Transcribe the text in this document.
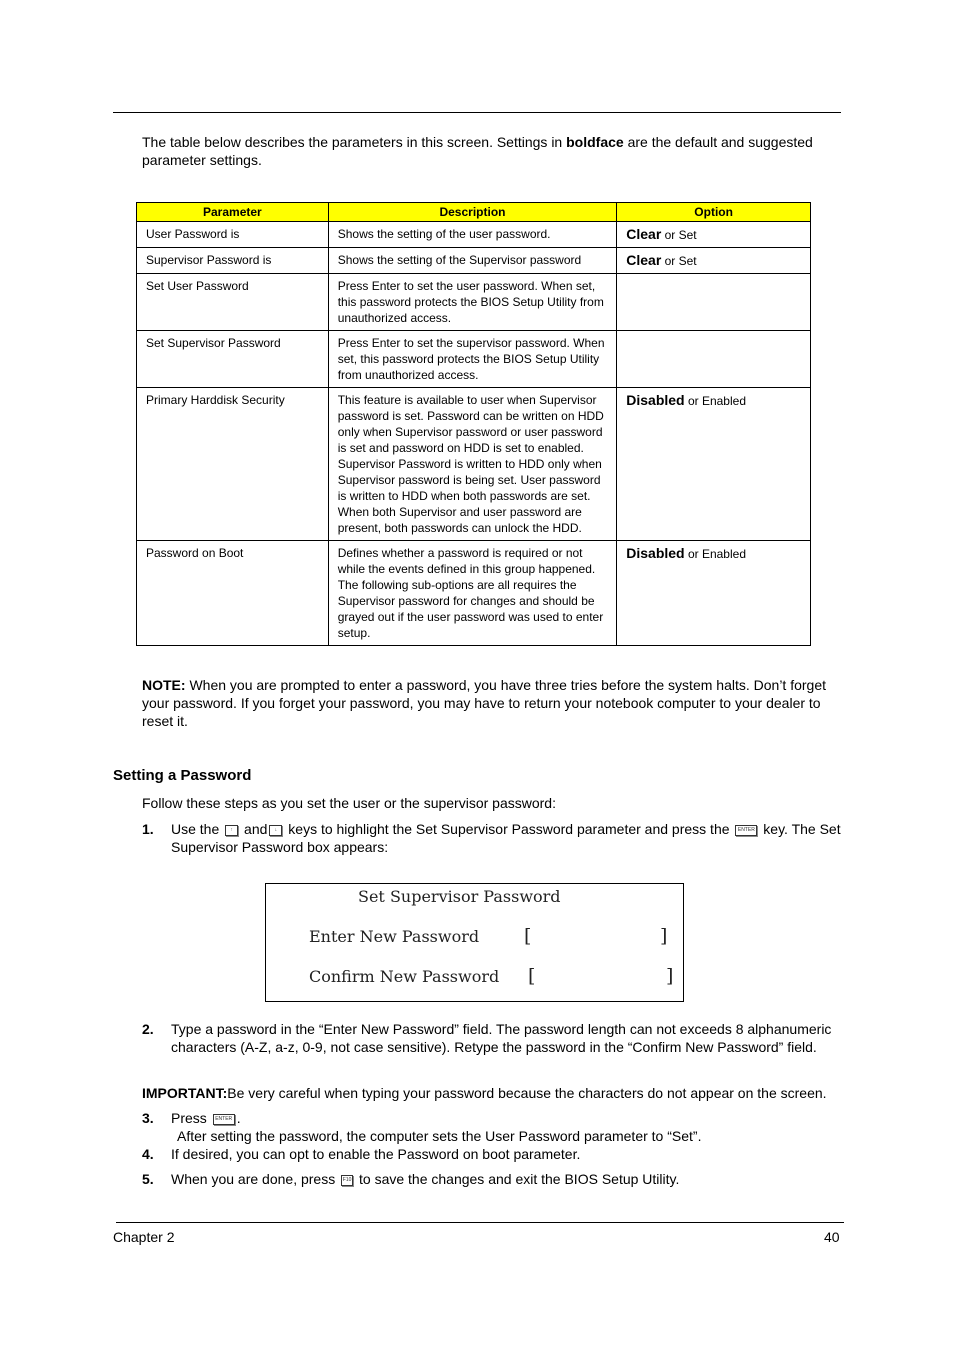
The table below describes the parameters in this screen. Settings in boldface are the default and suggested parameter settings.
Parameter	Description	Option
User Password is	Shows the setting of the user password.	Clear or Set
Supervisor Password is	Shows the setting of the Supervisor password	Clear or Set
Set User Password	Press Enter to set the user password. When set, this password protects the BIOS Setup Utility from unauthorized access.	
Set Supervisor Password	Press Enter to set the supervisor password. When set, this password protects the BIOS Setup Utility from unauthorized access.	
Primary Harddisk Security	This feature is available to user when Supervisor password is set. Password can be written on HDD only when Supervisor password or user password is set and password on HDD is set to enabled. Supervisor Password is written to HDD only when Supervisor password is being set. User password is written to HDD when both passwords are set. When both Supervisor and user password are present, both passwords can unlock the HDD.	Disabled or Enabled
Password on Boot	Defines whether a password is required or not while the events defined in this group happened. The following sub-options are all requires the Supervisor password for changes and should be grayed out if the user password was used to enter setup.	Disabled or Enabled
NOTE: When you are prompted to enter a password, you have three tries before the system halts. Don’t forget your password. If you forget your password, you may have to return your notebook computer to your dealer to reset it.
Setting a Password
Follow these steps as you set the user or the supervisor password:
1. Use the ↑ and ↓ keys to highlight the Set Supervisor Password parameter and press the ENTER key. The Set Supervisor Password box appears:
Set Supervisor Password
Enter New Password [	]
Confirm New Password [	]
2. Type a password in the “Enter New Password” field. The password length can not exceeds 8 alphanumeric characters (A-Z, a-z, 0-9, not case sensitive). Retype the password in the “Confirm New Password” field.
IMPORTANT:Be very careful when typing your password because the characters do not appear on the screen.
3. Press ENTER .
After setting the password, the computer sets the User Password parameter to “Set”.
4. If desired, you can opt to enable the Password on boot parameter.
5. When you are done, press F10 to save the changes and exit the BIOS Setup Utility.
Chapter 2	40
